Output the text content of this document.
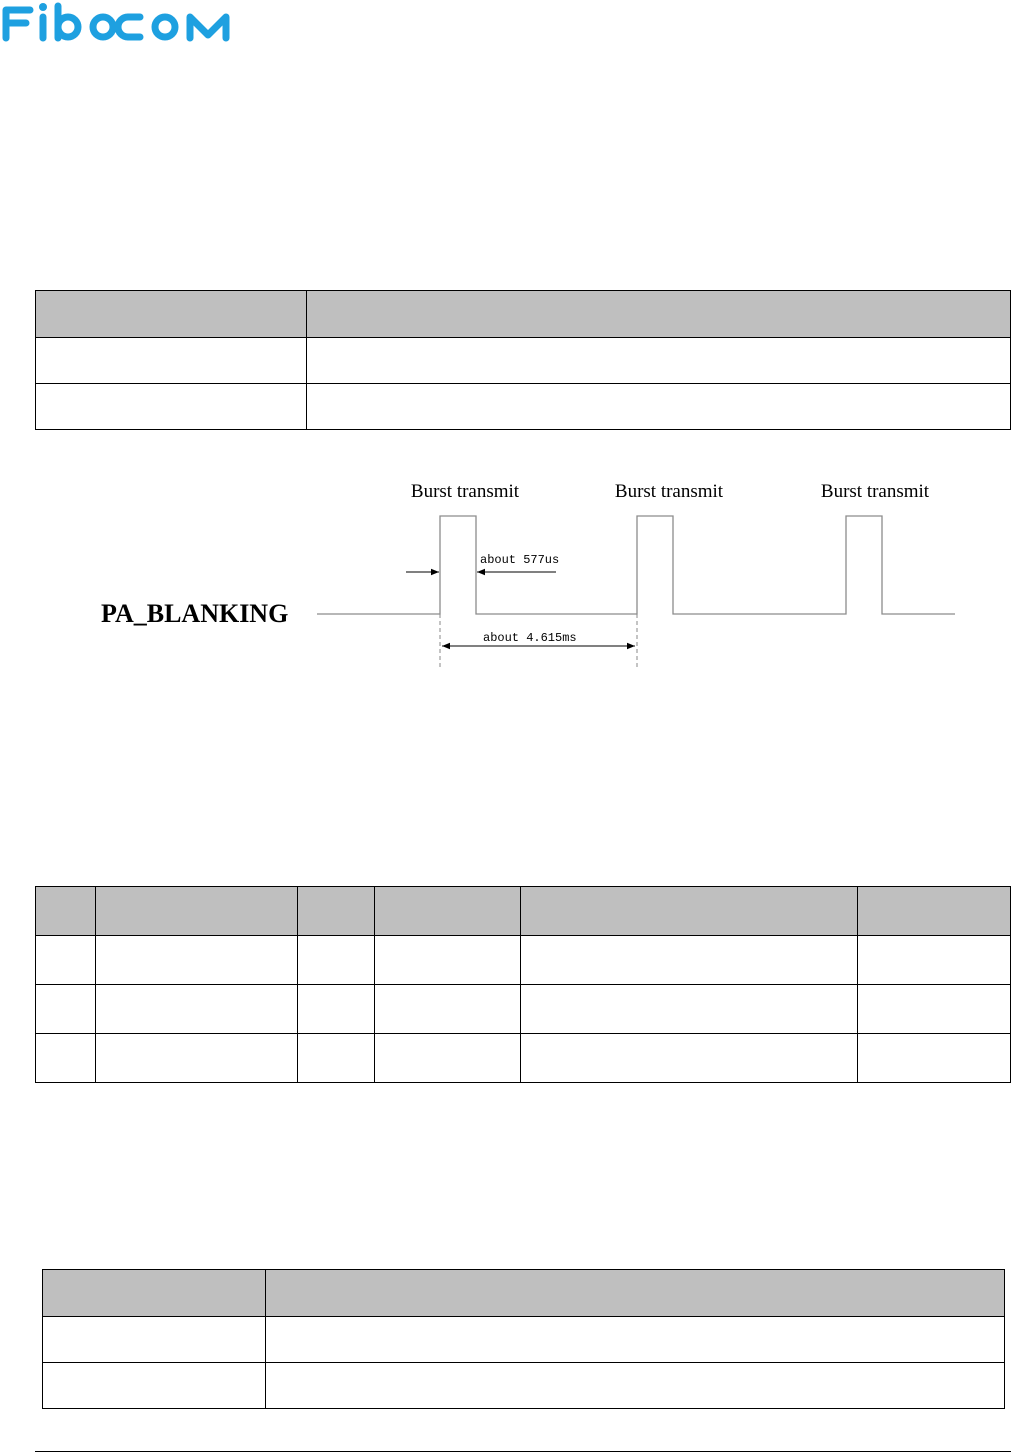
Burst transmit	Burst transmit	Burst transmit
PA_BLANKING
about 577us
about 4.615ms
